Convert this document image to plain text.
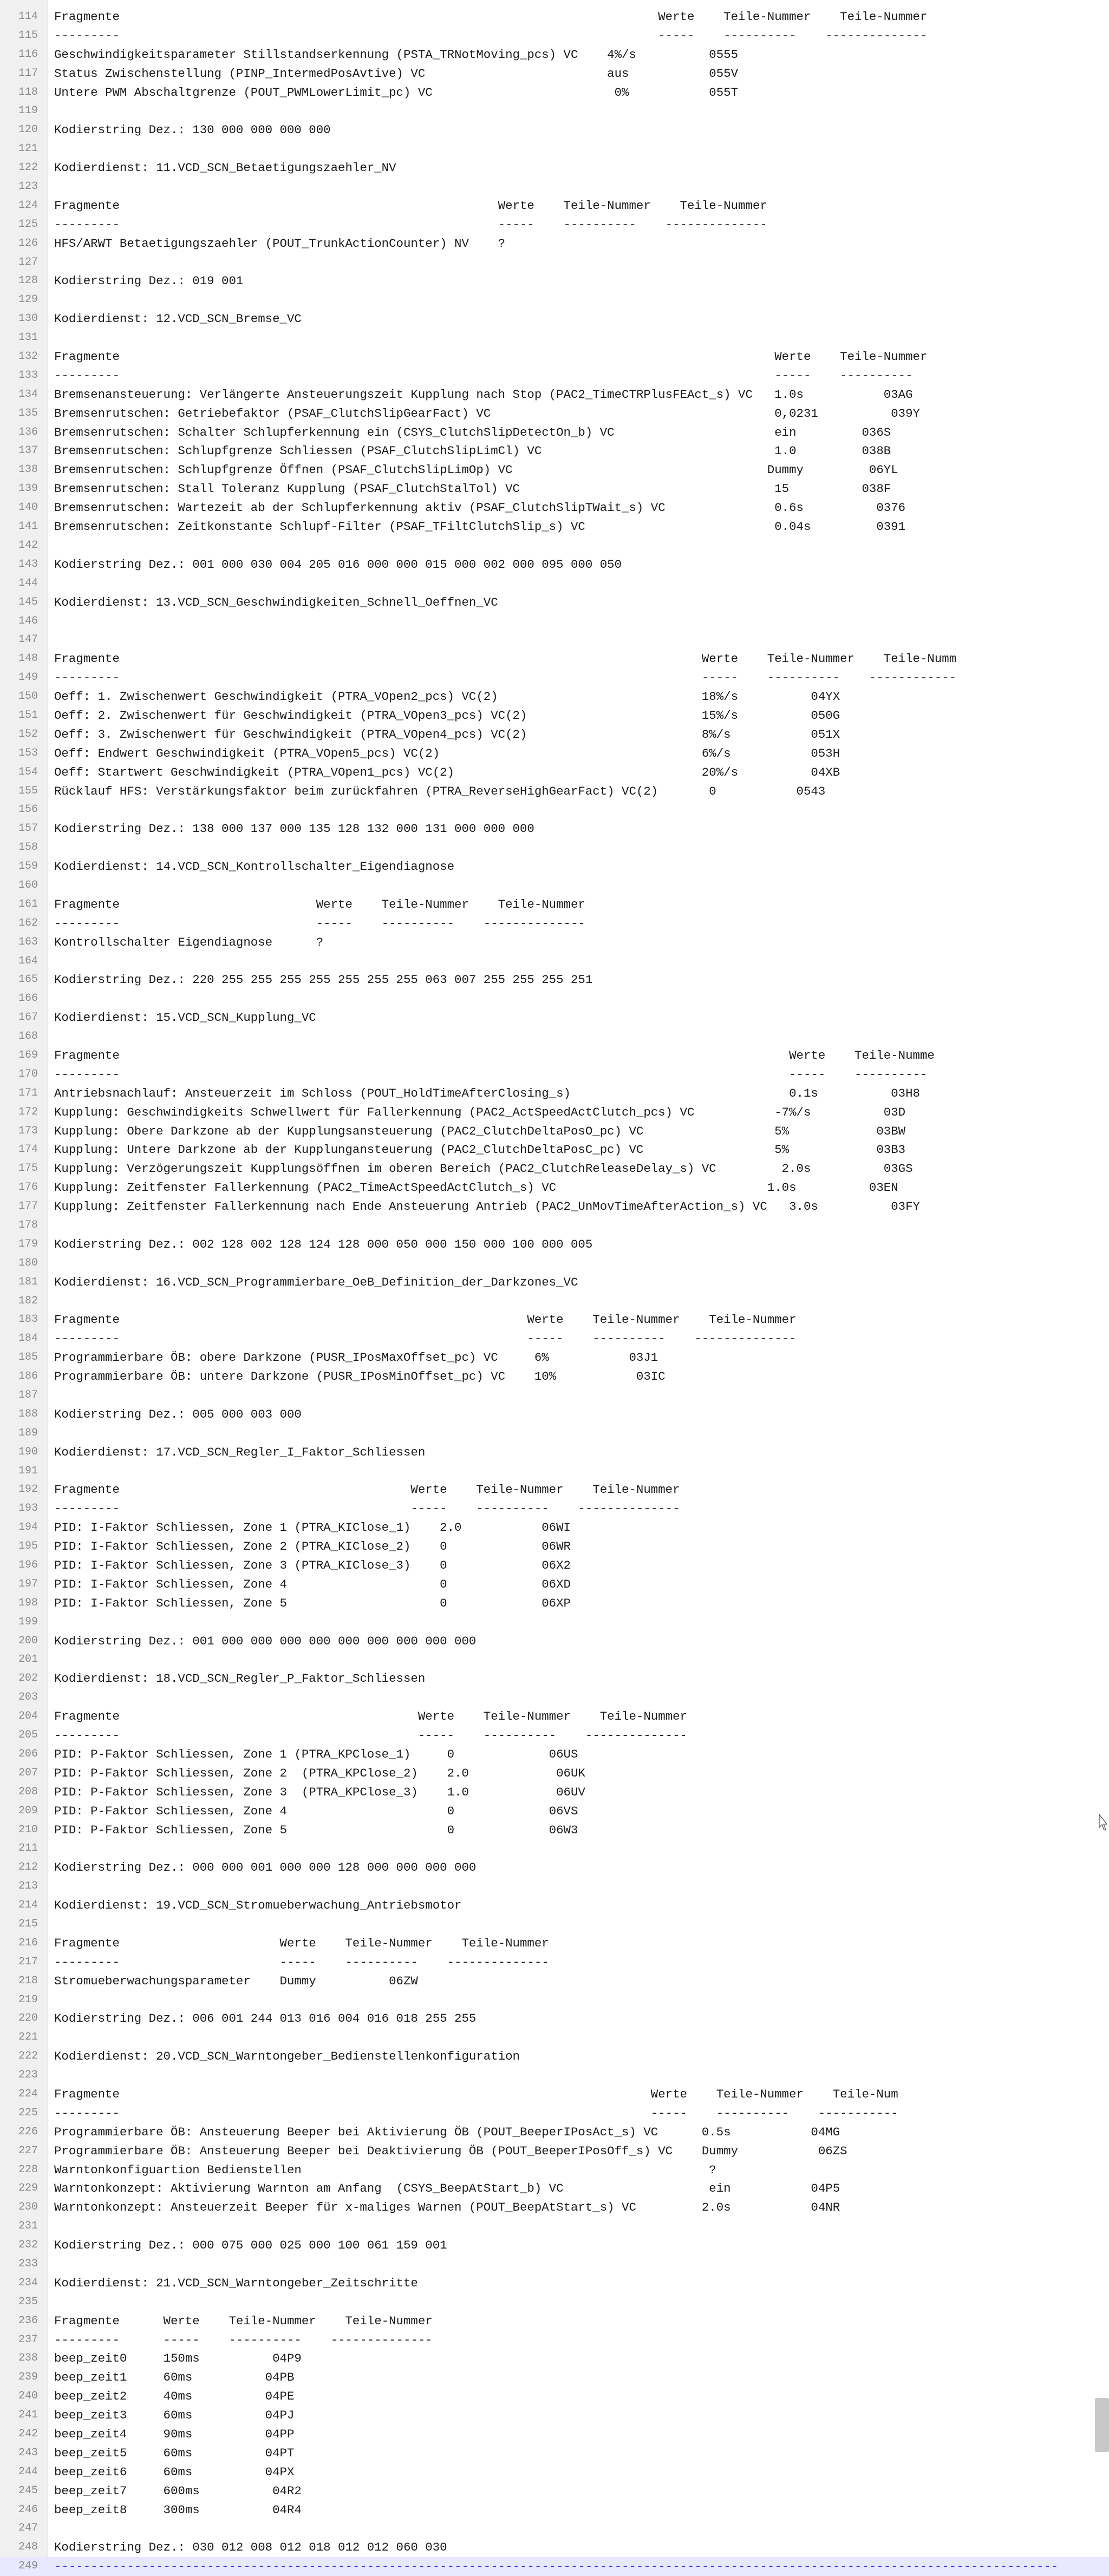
114 Fragmente                                                                          Werte    Teile-Nummer    Teile-Nummer
115 ---------                                                                          -----    ----------    --------------
116 Geschwindigkeitsparameter Stillstandserkennung (PSTA_TRNotMoving_pcs) VC    4%/s          0555
117 Status Zwischenstellung (PINP_IntermedPosAvtive) VC                         aus           055V
118 Untere PWM Abschaltgrenze (POUT_PWMLowerLimit_pc) VC                         0%           055T
119
120 Kodierstring Dez.: 130 000 000 000 000
121
122 Kodierdienst: 11.VCD_SCN_Betaetigungszaehler_NV
123
124 Fragmente                                                    Werte    Teile-Nummer    Teile-Nummer
125 ---------                                                    -----    ----------    --------------
126 HFS/ARWT Betaetigungszaehler (POUT_TrunkActionCounter) NV    ?
127
128 Kodierstring Dez.: 019 001
129
130 Kodierdienst: 12.VCD_SCN_Bremse_VC
131
132 Fragmente                                                                                          Werte    Teile-Nummer
133 ---------                                                                                          -----    ----------
134 Bremsenansteuerung: Verlängerte Ansteuerungszeit Kupplung nach Stop (PAC2_TimeCTRPlusFEAct_s) VC   1.0s           03AG
135 Bremsenrutschen: Getriebefaktor (PSAF_ClutchSlipGearFact) VC                                       0,0231          039Y
136 Bremsenrutschen: Schalter Schlupferkennung ein (CSYS_ClutchSlipDetectOn_b) VC                      ein         036S
137 Bremsenrutschen: Schlupfgrenze Schliessen (PSAF_ClutchSlipLimCl) VC                                1.0         038B
138 Bremsenrutschen: Schlupfgrenze Öffnen (PSAF_ClutchSlipLimOp) VC                                   Dummy         06YL
139 Bremsenrutschen: Stall Toleranz Kupplung (PSAF_ClutchStalTol) VC                                   15          038F
140 Bremsenrutschen: Wartezeit ab der Schlupferkennung aktiv (PSAF_ClutchSlipTWait_s) VC               0.6s          0376
141 Bremsenrutschen: Zeitkonstante Schlupf-Filter (PSAF_TFiltClutchSlip_s) VC                          0.04s         0391
142
143 Kodierstring Dez.: 001 000 030 004 205 016 000 000 015 000 002 000 095 000 050
144
145 Kodierdienst: 13.VCD_SCN_Geschwindigkeiten_Schnell_Oeffnen_VC
146
147
148 Fragmente                                                                                Werte    Teile-Nummer    Teile-Numm
149 ---------                                                                                -----    ----------    ------------
150 Oeff: 1. Zwischenwert Geschwindigkeit (PTRA_VOpen2_pcs) VC(2)                            18%/s          04YX
151 Oeff: 2. Zwischenwert für Geschwindigkeit (PTRA_VOpen3_pcs) VC(2)                        15%/s          050G
152 Oeff: 3. Zwischenwert für Geschwindigkeit (PTRA_VOpen4_pcs) VC(2)                        8%/s           051X
153 Oeff: Endwert Geschwindigkeit (PTRA_VOpen5_pcs) VC(2)                                    6%/s           053H
154 Oeff: Startwert Geschwindigkeit (PTRA_VOpen1_pcs) VC(2)                                  20%/s          04XB
155 Rücklauf HFS: Verstärkungsfaktor beim zurückfahren (PTRA_ReverseHighGearFact) VC(2)       0           0543
156
157 Kodierstring Dez.: 138 000 137 000 135 128 132 000 131 000 000 000
158
159 Kodierdienst: 14.VCD_SCN_Kontrollschalter_Eigendiagnose
160
161 Fragmente                           Werte    Teile-Nummer    Teile-Nummer
162 ---------                           -----    ----------    --------------
163 Kontrollschalter Eigendiagnose      ?
164
165 Kodierstring Dez.: 220 255 255 255 255 255 255 255 063 007 255 255 255 251
166
167 Kodierdienst: 15.VCD_SCN_Kupplung_VC
168
169 Fragmente                                                                                            Werte    Teile-Numme
170 ---------                                                                                            -----    ----------
171 Antriebsnachlauf: Ansteuerzeit im Schloss (POUT_HoldTimeAfterClosing_s)                              0.1s          03H8
172 Kupplung: Geschwindigkeits Schwellwert für Fallerkennung (PAC2_ActSpeedActClutch_pcs) VC           -7%/s          03D
173 Kupplung: Obere Darkzone ab der Kupplungsansteuerung (PAC2_ClutchDeltaPosO_pc) VC                  5%            03BW
174 Kupplung: Untere Darkzone ab der Kupplungansteuerung (PAC2_ClutchDeltaPosC_pc) VC                  5%            03B3
175 Kupplung: Verzögerungszeit Kupplungsöffnen im oberen Bereich (PAC2_ClutchReleaseDelay_s) VC         2.0s          03GS
176 Kupplung: Zeitfenster Fallerkennung (PAC2_TimeActSpeedActClutch_s) VC                             1.0s          03EN
177 Kupplung: Zeitfenster Fallerkennung nach Ende Ansteuerung Antrieb (PAC2_UnMovTimeAfterAction_s) VC   3.0s          03FY
178
179 Kodierstring Dez.: 002 128 002 128 124 128 000 050 000 150 000 100 000 005
180
181 Kodierdienst: 16.VCD_SCN_Programmierbare_OeB_Definition_der_Darkzones_VC
182
183 Fragmente                                                        Werte    Teile-Nummer    Teile-Nummer
184 ---------                                                        -----    ----------    --------------
185 Programmierbare ÖB: obere Darkzone (PUSR_IPosMaxOffset_pc) VC     6%           03J1
186 Programmierbare ÖB: untere Darkzone (PUSR_IPosMinOffset_pc) VC    10%           03IC
187
188 Kodierstring Dez.: 005 000 003 000
189
190 Kodierdienst: 17.VCD_SCN_Regler_I_Faktor_Schliessen
191
192 Fragmente                                        Werte    Teile-Nummer    Teile-Nummer
193 ---------                                        -----    ----------    --------------
194 PID: I-Faktor Schliessen, Zone 1 (PTRA_KIClose_1)    2.0           06WI
195 PID: I-Faktor Schliessen, Zone 2 (PTRA_KIClose_2)    0             06WR
196 PID: I-Faktor Schliessen, Zone 3 (PTRA_KIClose_3)    0             06X2
197 PID: I-Faktor Schliessen, Zone 4                     0             06XD
198 PID: I-Faktor Schliessen, Zone 5                     0             06XP
199
200 Kodierstring Dez.: 001 000 000 000 000 000 000 000 000 000
201
202 Kodierdienst: 18.VCD_SCN_Regler_P_Faktor_Schliessen
203
204 Fragmente                                         Werte    Teile-Nummer    Teile-Nummer
205 ---------                                         -----    ----------    --------------
206 PID: P-Faktor Schliessen, Zone 1 (PTRA_KPClose_1)     0             06US
207 PID: P-Faktor Schliessen, Zone 2  (PTRA_KPClose_2)    2.0            06UK
208 PID: P-Faktor Schliessen, Zone 3  (PTRA_KPClose_3)    1.0            06UV
209 PID: P-Faktor Schliessen, Zone 4                      0             06VS
210 PID: P-Faktor Schliessen, Zone 5                      0             06W3
211
212 Kodierstring Dez.: 000 000 001 000 000 128 000 000 000 000
213
214 Kodierdienst: 19.VCD_SCN_Stromueberwachung_Antriebsmotor
215
216 Fragmente                      Werte    Teile-Nummer    Teile-Nummer
217 ---------                      -----    ----------    --------------
218 Stromueberwachungsparameter    Dummy          06ZW
219
220 Kodierstring Dez.: 006 001 244 013 016 004 016 018 255 255
221
222 Kodierdienst: 20.VCD_SCN_Warntongeber_Bedienstellenkonfiguration
223
224 Fragmente                                                                         Werte    Teile-Nummer    Teile-Num
225 ---------                                                                         -----    ----------    -----------
226 Programmierbare ÖB: Ansteuerung Beeper bei Aktivierung ÖB (POUT_BeeperIPosAct_s) VC      0.5s           04MG
227 Programmierbare ÖB: Ansteuerung Beeper bei Deaktivierung ÖB (POUT_BeeperIPosOff_s) VC    Dummy           06ZS
228 Warntonkonfiguartion Bedienstellen                                                        ?
229 Warntonkonzept: Aktivierung Warnton am Anfang  (CSYS_BeepAtStart_b) VC                    ein           04P5
230 Warntonkonzept: Ansteuerzeit Beeper für x-maliges Warnen (POUT_BeepAtStart_s) VC         2.0s           04NR
231
232 Kodierstring Dez.: 000 075 000 025 000 100 061 159 001
233
234 Kodierdienst: 21.VCD_SCN_Warntongeber_Zeitschritte
235
236 Fragmente      Werte    Teile-Nummer    Teile-Nummer
237 ---------      -----    ----------    --------------
238 beep_zeit0     150ms          04P9
239 beep_zeit1     60ms          04PB
240 beep_zeit2     40ms          04PE
241 beep_zeit3     60ms          04PJ
242 beep_zeit4     90ms          04PP
243 beep_zeit5     60ms          04PT
244 beep_zeit6     60ms          04PX
245 beep_zeit7     600ms          04R2
246 beep_zeit8     300ms          04R4
247
248 Kodierstring Dez.: 030 012 008 012 018 012 012 060 030
249 ------------------------------------------------------------------------------------------------------------------------------------------
